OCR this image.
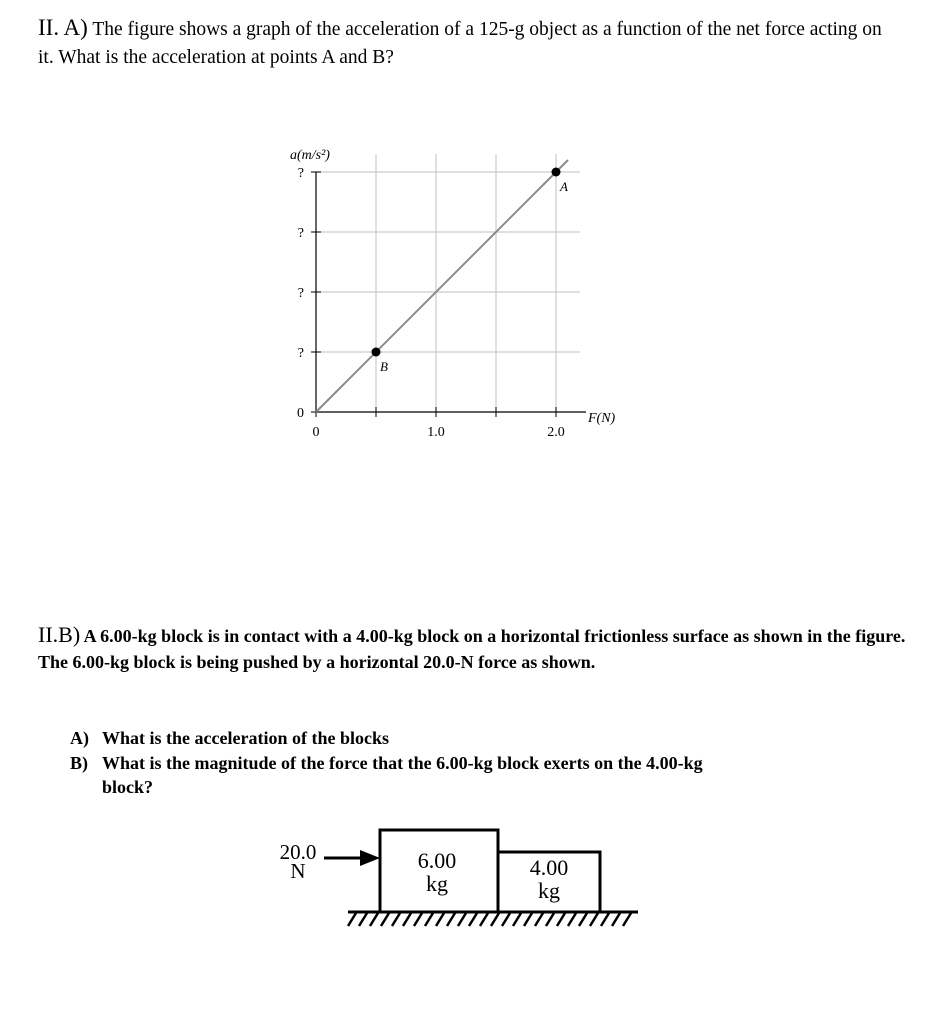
II. A) The figure shows a graph of the acceleration of a 125-g object as a function of the net force acting on it. What is the acceleration at points A and B?
0
?
?
?
?
0	1.0	2.0
A
B
a(m/s²)
F(N)
II.B) A 6.00-kg block is in contact with a 4.00-kg block on a horizontal frictionless surface as shown in the figure. The 6.00-kg block is being pushed by a horizontal 20.0-N force as shown.
A) What is the acceleration of the blocks
B) What is the magnitude of the force that the 6.00-kg block exerts on the 4.00-kg
block?
20.0
N	6.00
kg
4.00
kg
